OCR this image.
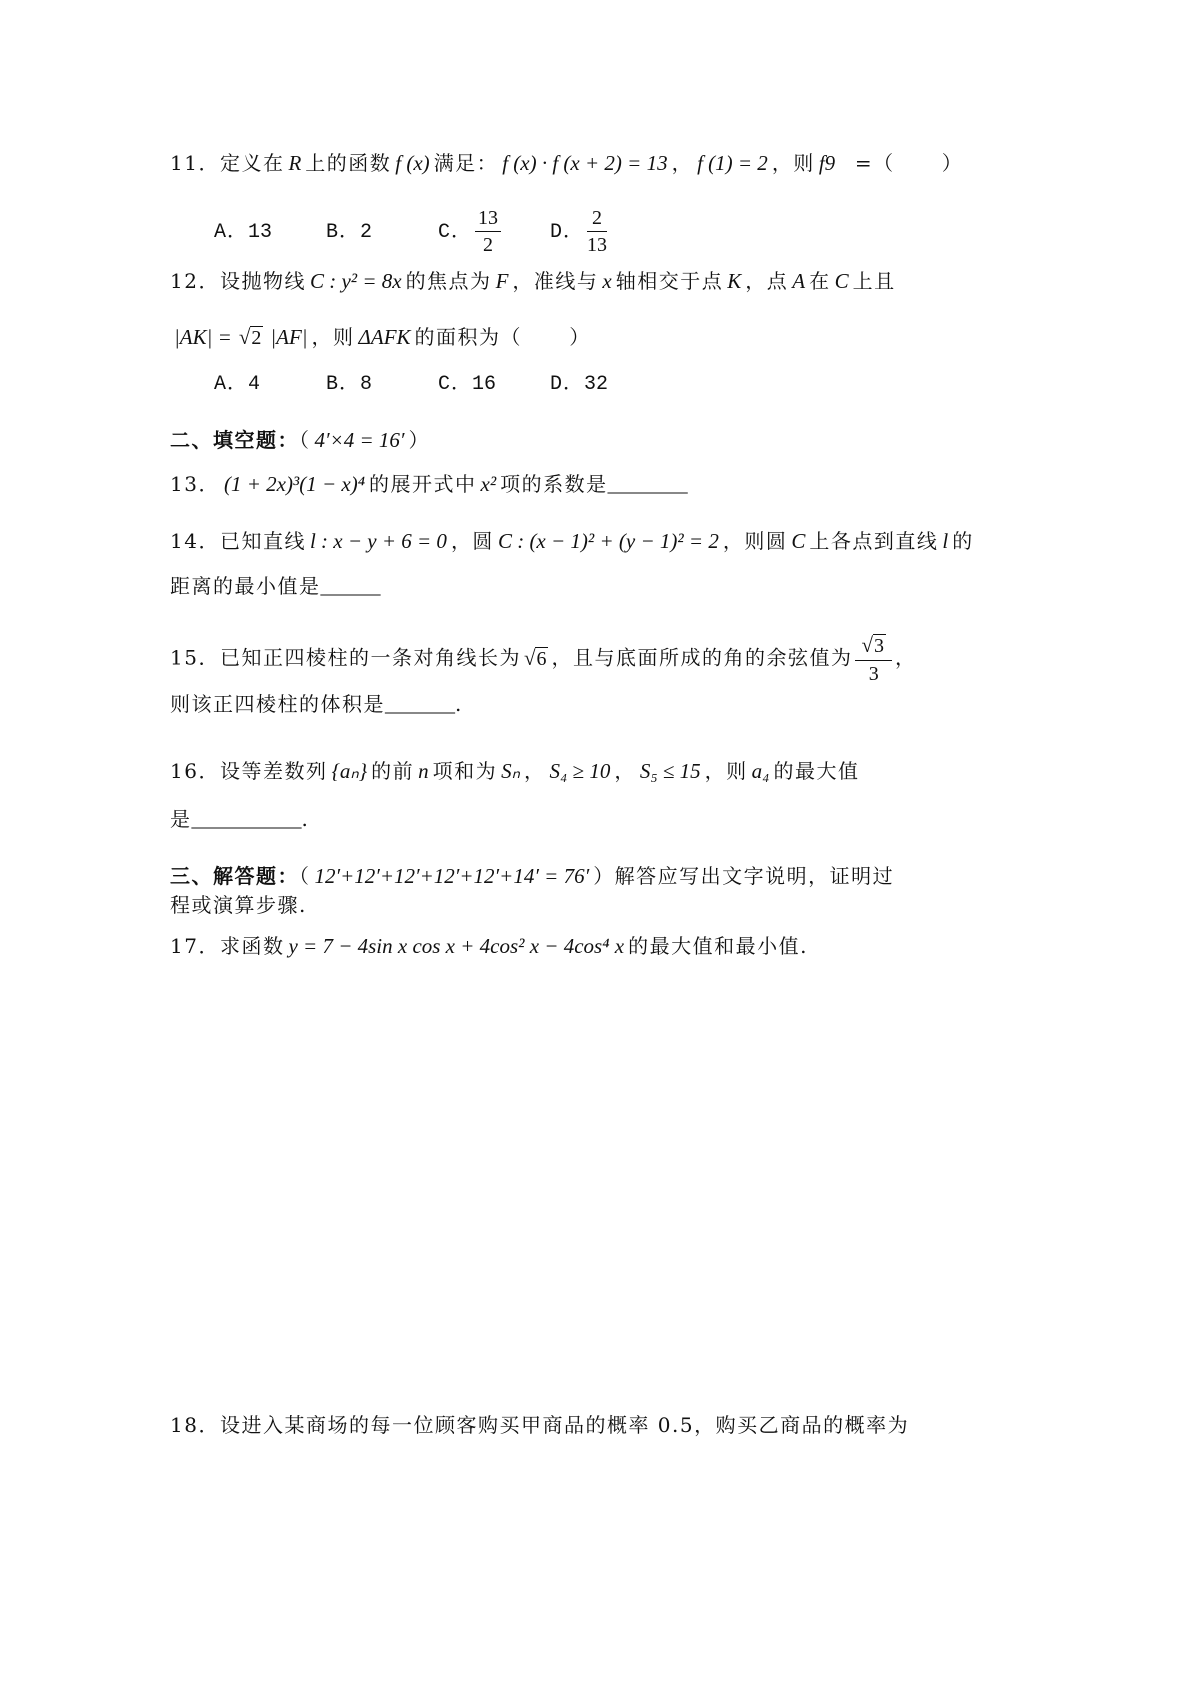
11．定义在 R 上的函数 f (x) 满足： f (x) · f (x + 2) = 13 ， f (1) = 2 ，则 f9  =（      ）
A．13	B．2	C． $\frac{13}{2}$ D． $\frac{2}{13}$
12．设抛物线 C : y² = 8x 的焦点为 F ，准线与 x 轴相交于点 K ，点 A 在 C 上且
|AK| = √2 |AF| ，则 ΔAFK 的面积为（      ）
A．4	B．8	C．16	D．32
二、填空题：（ 4′×4 = 16′ ）
13． (1 + 2x)³(1 − x)⁴ 的展开式中 x² 项的系数是________
14．已知直线 l : x − y + 6 = 0 ，圆 C : (x − 1)² + (y − 1)² = 2 ，则圆 C 上各点到直线 l 的
距离的最小值是______
15．已知正四棱柱的一条对角线长为 √6 ，且与底面所成的角的余弦值为 $\frac{√3}{3}$ ，
则该正四棱柱的体积是_______.
16．设等差数列 {aₙ} 的前 n 项和为 Sₙ ， S₄ ≥ 10 ， S₅ ≤ 15 ，则 a₄ 的最大值
是___________.
三、解答题：（ 12′+12′+12′+12′+12′+14′ = 76′ ）解答应写出文字说明，证明过
程或演算步骤.
17．求函数 y = 7 − 4sin x cos x + 4cos² x − 4cos⁴ x 的最大值和最小值.
18．设进入某商场的每一位顾客购买甲商品的概率 0.5，购买乙商品的概率为
